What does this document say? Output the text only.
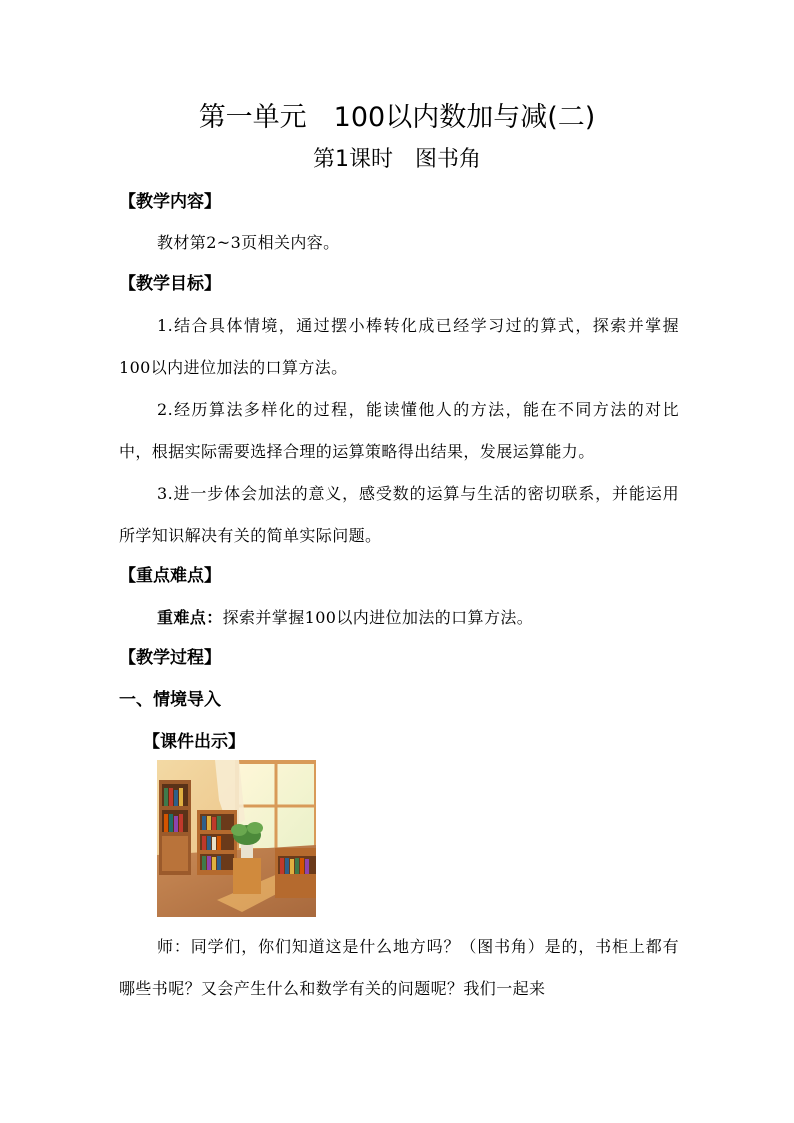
第一单元　100以内数加与减(二)
第1课时　图书角
【教学内容】
教材第2~3页相关内容。
【教学目标】
1.结合具体情境，通过摆小棒转化成已经学习过的算式，探索并掌握100以内进位加法的口算方法。
2.经历算法多样化的过程，能读懂他人的方法，能在不同方法的对比中，根据实际需要选择合理的运算策略得出结果，发展运算能力。
3.进一步体会加法的意义，感受数的运算与生活的密切联系，并能运用所学知识解决有关的简单实际问题。
【重点难点】
重难点：探索并掌握100以内进位加法的口算方法。
【教学过程】
一、情境导入
【课件出示】
师：同学们，你们知道这是什么地方吗？（图书角）是的，书柜上都有哪些书呢？又会产生什么和数学有关的问题呢？我们一起来
